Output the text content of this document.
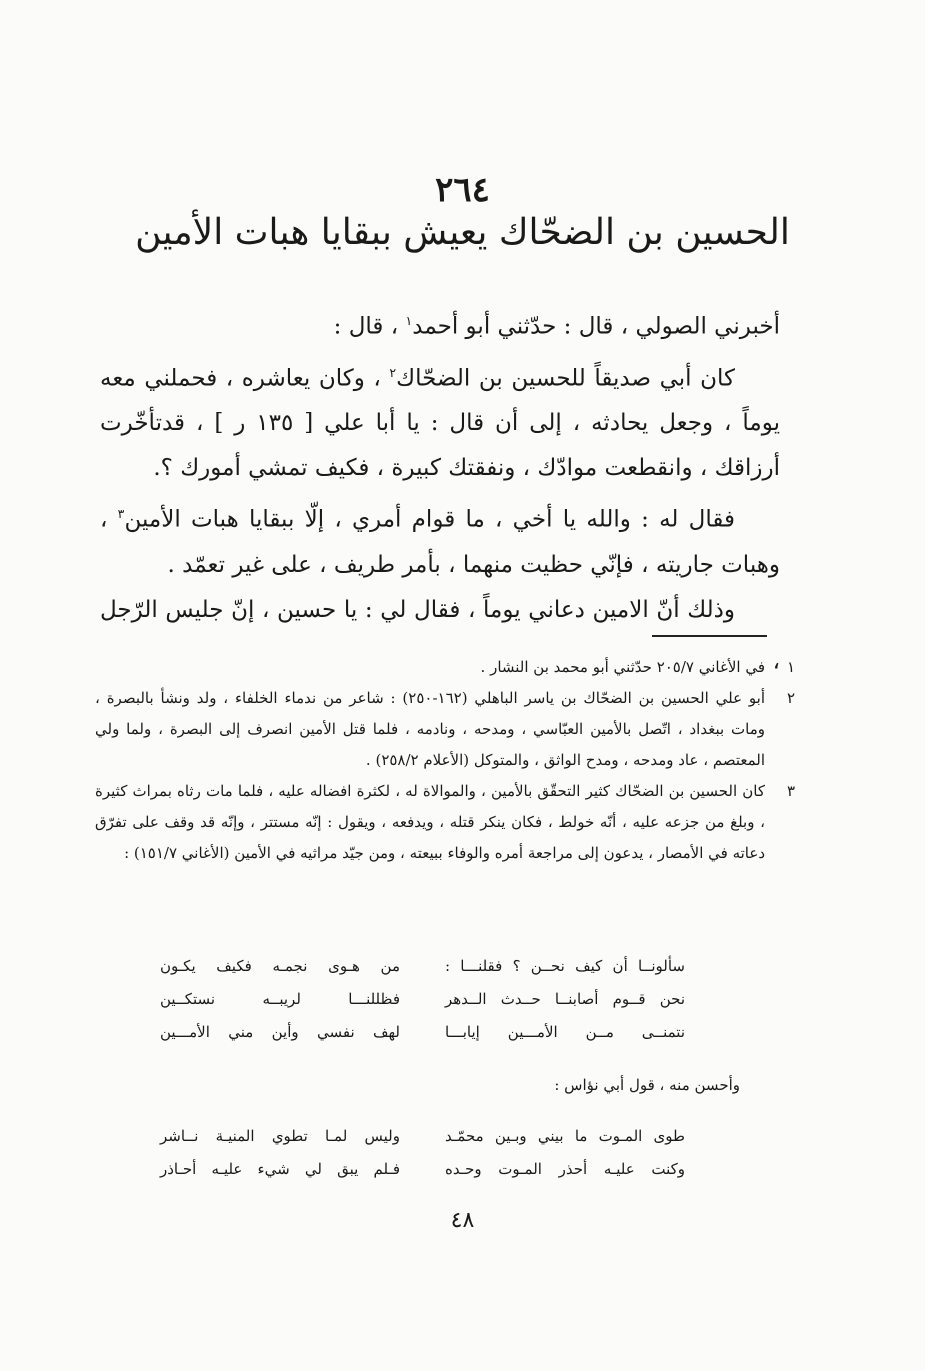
٢٦٤
الحسين بن الضحّاك يعيش ببقايا هبات الأمين

أخبرني الصولي ، قال : حدّثني أبو أحمد$^١$ ، قال :

كان أبي صديقاً للحسين بن الضحّاك$^٢$ ، وكان يعاشره ، فحملني معه يوماً ، وجعل يحادثه ، إلى أن قال : يا أبا علي [ ١٣٥ ر ] ، قدتأخّرت أرزاقك ، وانقطعت موادّك ، ونفقتك كبيرة ، فكيف تمشي أمورك ؟.

فقال له : والله يا أخي ، ما قوام أمري ، إلّا ببقايا هبات الأمين$^٣$ ، وهبات جاريته ، فإنّي حظيت منهما ، بأمر طريف ، على غير تعمّد .

وذلك أنّ الامين دعاني يوماً ، فقال لي : يا حسين ، إنّ جليس الرّجل ، ١
في الأغاني ٢٠٥/٧ حدّثني أبو محمد بن النشار .
٢
أبو علي الحسين بن الضحّاك بن ياسر الباهلي (١٦٢-٢٥٠) : شاعر من ندماء الخلفاء ، ولد ونشأ بالبصرة ، ومات ببغداد ، اتّصل بالأمين العبّاسي ، ومدحه ، ونادمه ، فلما قتل الأمين انصرف إلى البصرة ، ولما ولي المعتصم ، عاد ومدحه ، ومدح الواثق ، والمتوكل (الأعلام ٢٥٨/٢) .
٣
كان الحسين بن الضحّاك كثير التحقّق بالأمين ، والموالاة له ، لكثرة افضاله عليه ، فلما مات رثاه بمراث كثيرة ، وبلغ من جزعه عليه ، أنّه خولط ، فكان ينكر قتله ، ويدفعه ، ويقول : إنّه مستتر ، وإنّه قد وقف على تفرّق دعاته في الأمصار ، يدعون إلى مراجعة أمره والوفاء ببيعته ، ومن جيّد مراثيه في الأمين (الأغاني ١٥١/٧) :
سألونــا أن كيف نحــن ؟ فقلنـــا :
من هـوى نجمـه فكيف يكـون
نحن قــوم أصابنــا حــدث الــدهر
فظللنـــا لريبــه نستكــين
نتمنــى مــن الأمـــين إيابـــا
لهف نفسي وأين مني الأمـــين
وأحسن منه ، قول أبي نؤاس :
طوى المـوت ما بيني وبـين محمّـد
وليس لمـا تطوي المنيـة نــاشر
وكنت عليـه أحذر المـوت وحـده
فـلم يبق لي شيء عليـه أحـاذر
٤٨
